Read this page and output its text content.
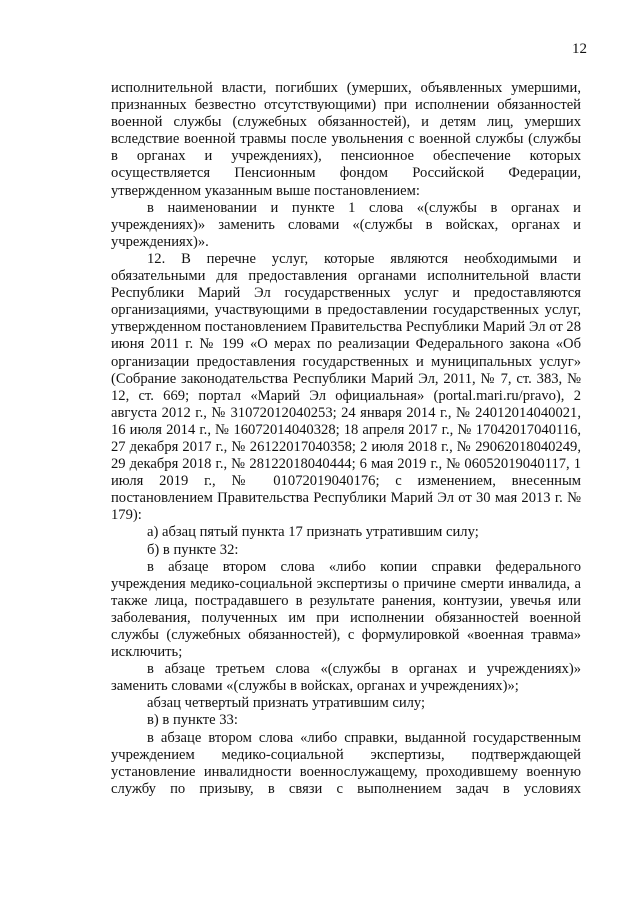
12

исполнительной власти, погибших (умерших, объявленных умершими, признанных безвестно отсутствующими) при исполнении обязанностей военной службы (служебных обязанностей), и детям лиц, умерших вследствие военной травмы после увольнения с военной службы (службы в органах и учреждениях), пенсионное обеспечение которых осуществляется Пенсионным фондом Российской Федерации, утвержденном указанным выше постановлением:

в наименовании и пункте 1 слова «(службы в органах и учреждениях)» заменить словами «(службы в войсках, органах и учреждениях)».

12. В перечне услуг, которые являются необходимыми и обязательными для предоставления органами исполнительной власти Республики Марий Эл государственных услуг и предоставляются организациями, участвующими в предоставлении государственных услуг, утвержденном постановлением Правительства Республики Марий Эл от 28 июня 2011 г. № 199 «О мерах по реализации Федерального закона «Об организации предоставления государственных и муниципальных услуг» (Собрание законодательства Республики Марий Эл, 2011, № 7, ст. 383, № 12, ст. 669; портал «Марий Эл официальная» (portal.mari.ru/pravo), 2 августа 2012 г., № 31072012040253; 24 января 2014 г., № 24012014040021, 16 июля 2014 г., № 16072014040328; 18 апреля 2017 г., № 17042017040116, 27 декабря 2017 г., № 26122017040358; 2 июля 2018 г., № 29062018040249, 29 декабря 2018 г., № 28122018040444; 6 мая 2019 г., № 06052019040117, 1 июля 2019 г., № 01072019040176; с изменением, внесенным постановлением Правительства Республики Марий Эл от 30 мая 2013 г. № 179):

а) абзац пятый пункта 17 признать утратившим силу;

б) в пункте 32:

в абзаце втором слова «либо копии справки федерального учреждения медико-социальной экспертизы о причине смерти инвалида, а также лица, пострадавшего в результате ранения, контузии, увечья или заболевания, полученных им при исполнении обязанностей военной службы (служебных обязанностей), с формулировкой «военная травма» исключить;

в абзаце третьем слова «(службы в органах и учреждениях)» заменить словами «(службы в войсках, органах и учреждениях)»;

абзац четвертый признать утратившим силу;

в) в пункте 33:

в абзаце втором слова «либо справки, выданной государственным учреждением медико-социальной экспертизы, подтверждающей установление инвалидности военнослужащему, проходившему военную службу по призыву, в связи с выполнением задач в условиях
